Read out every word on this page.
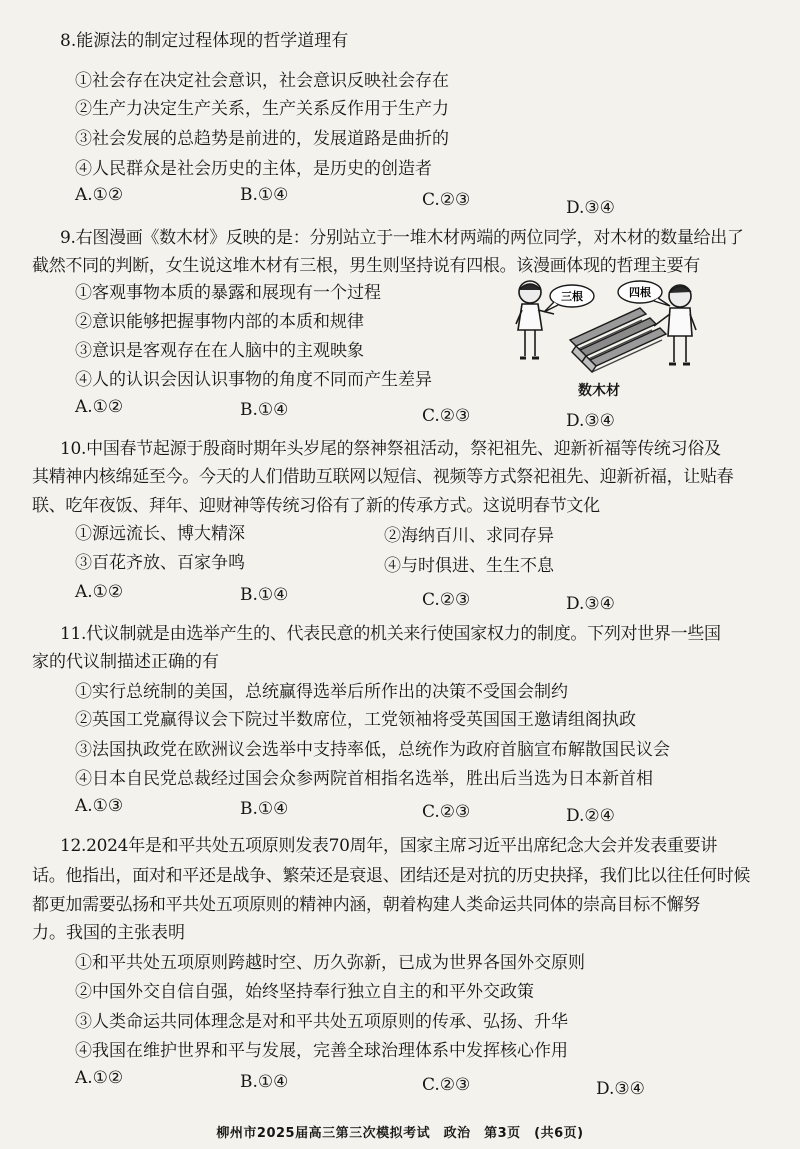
8.能源法的制定过程体现的哲学道理有
①社会存在决定社会意识，社会意识反映社会存在
②生产力决定生产关系，生产关系反作用于生产力
③社会发展的总趋势是前进的，发展道路是曲折的
④人民群众是社会历史的主体，是历史的创造者
A.①②	B.①④	C.②③	D.③④
9.右图漫画《数木材》反映的是：分别站立于一堆木材两端的两位同学，对木材的数量给出了
截然不同的判断，女生说这堆木材有三根，男生则坚持说有四根。该漫画体现的哲理主要有
①客观事物本质的暴露和展现有一个过程
②意识能够把握事物内部的本质和规律
③意识是客观存在在人脑中的主观映象
④人的认识会因认识事物的角度不同而产生差异
A.①②	B.①④	C.②③	D.③④
三根	四根
数木材
10.中国春节起源于殷商时期年头岁尾的祭神祭祖活动，祭祀祖先、迎新祈福等传统习俗及
其精神内核绵延至今。今天的人们借助互联网以短信、视频等方式祭祀祖先、迎新祈福，让贴春
联、吃年夜饭、拜年、迎财神等传统习俗有了新的传承方式。这说明春节文化
①源远流长、博大精深	②海纳百川、求同存异
③百花齐放、百家争鸣	④与时俱进、生生不息
A.①②	B.①④	C.②③	D.③④
11.代议制就是由选举产生的、代表民意的机关来行使国家权力的制度。下列对世界一些国
家的代议制描述正确的有
①实行总统制的美国，总统赢得选举后所作出的决策不受国会制约
②英国工党赢得议会下院过半数席位，工党领袖将受英国国王邀请组阁执政
③法国执政党在欧洲议会选举中支持率低，总统作为政府首脑宣布解散国民议会
④日本自民党总裁经过国会众参两院首相指名选举，胜出后当选为日本新首相
A.①③	B.①④	C.②③	D.②④
12.2024年是和平共处五项原则发表70周年，国家主席习近平出席纪念大会并发表重要讲
话。他指出，面对和平还是战争、繁荣还是衰退、团结还是对抗的历史抉择，我们比以往任何时候
都更加需要弘扬和平共处五项原则的精神内涵，朝着构建人类命运共同体的崇高目标不懈努
力。我国的主张表明
①和平共处五项原则跨越时空、历久弥新，已成为世界各国外交原则
②中国外交自信自强，始终坚持奉行独立自主的和平外交政策
③人类命运共同体理念是对和平共处五项原则的传承、弘扬、升华
④我国在维护世界和平与发展，完善全球治理体系中发挥核心作用
A.①②	B.①④	C.②③	D.③④
柳州市2025届高三第三次模拟考试　政治　第3页　(共6页)
